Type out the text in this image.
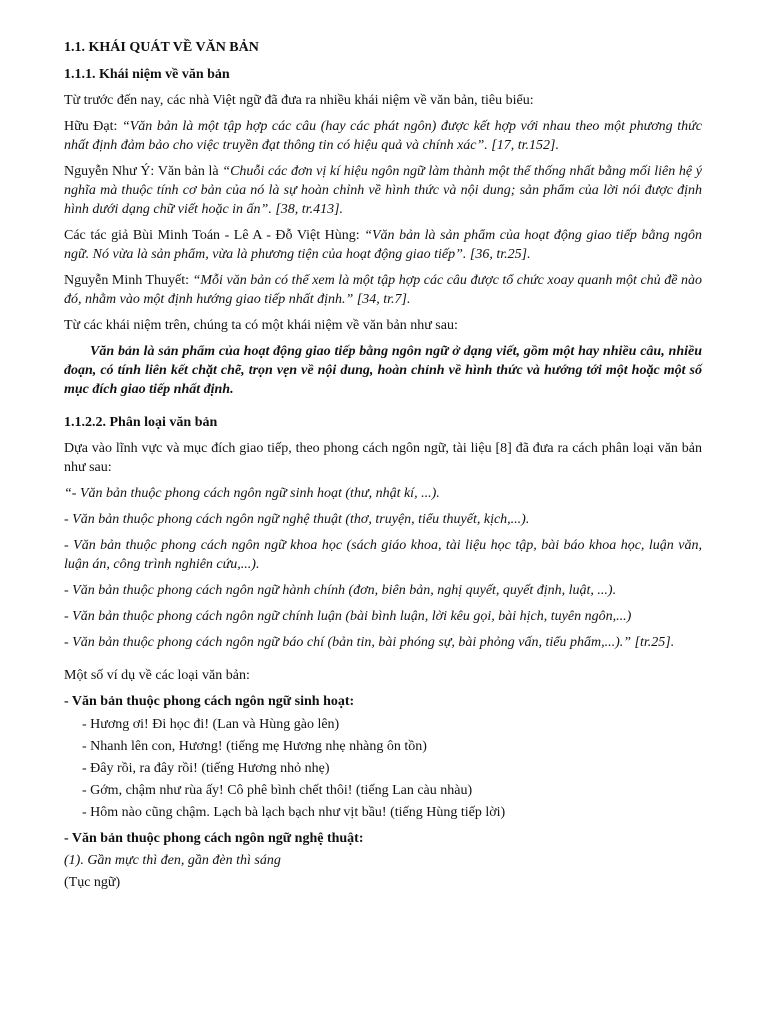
1.1. KHÁI QUÁT VỀ VĂN BẢN
1.1.1. Khái niệm về văn bản

Từ trước đến nay, các nhà Việt ngữ đã đưa ra nhiều khái niệm về văn bản, tiêu biểu:

Hữu Đạt: “Văn bản là một tập hợp các câu (hay các phát ngôn) được kết hợp với nhau theo một phương thức nhất định đảm bảo cho việc truyền đạt thông tin có hiệu quả và chính xác”. [17, tr.152].

Nguyễn Như Ý: Văn bản là “Chuỗi các đơn vị kí hiệu ngôn ngữ làm thành một thể thống nhất bằng mối liên hệ ý nghĩa mà thuộc tính cơ bản của nó là sự hoàn chỉnh về hình thức và nội dung; sản phẩm của lời nói được định hình dưới dạng chữ viết hoặc in ấn”. [38, tr.413].

Các tác giả Bùi Minh Toán - Lê A - Đỗ Việt Hùng: “Văn bản là sản phẩm của hoạt động giao tiếp bằng ngôn ngữ. Nó vừa là sản phẩm, vừa là phương tiện của hoạt động giao tiếp”. [36, tr.25].

Nguyễn Minh Thuyết: “Mỗi văn bản có thể xem là một tập hợp các câu được tổ chức xoay quanh một chủ đề nào đó, nhằm vào một định hướng giao tiếp nhất định.” [34, tr.7].

Từ các khái niệm trên, chúng ta có một khái niệm về văn bản như sau:

Văn bản là sản phẩm của hoạt động giao tiếp bằng ngôn ngữ ở dạng viết, gồm một hay nhiều câu, nhiều đoạn, có tính liên kết chặt chẽ, trọn vẹn về nội dung, hoàn chỉnh về hình thức và hướng tới một hoặc một số mục đích giao tiếp nhất định.

1.1.2.2. Phân loại văn bản

Dựa vào lĩnh vực và mục đích giao tiếp, theo phong cách ngôn ngữ, tài liệu [8] đã đưa ra cách phân loại văn bản như sau:

“- Văn bản thuộc phong cách ngôn ngữ sinh hoạt (thư, nhật kí, ...).

- Văn bản thuộc phong cách ngôn ngữ nghệ thuật (thơ, truyện, tiểu thuyết, kịch,...).

- Văn bản thuộc phong cách ngôn ngữ khoa học (sách giáo khoa, tài liệu học tập, bài báo khoa học, luận văn, luận án, công trình nghiên cứu,...).

- Văn bản thuộc phong cách ngôn ngữ hành chính (đơn, biên bản, nghị quyết, quyết định, luật, ...).

- Văn bản thuộc phong cách ngôn ngữ chính luận (bài bình luận, lời kêu gọi, bài hịch, tuyên ngôn,...)

- Văn bản thuộc phong cách ngôn ngữ báo chí (bản tin, bài phóng sự, bài phỏng vấn, tiểu phẩm,...).” [tr.25].

Một số ví dụ về các loại văn bản:

- Văn bản thuộc phong cách ngôn ngữ sinh hoạt:
- Hương ơi! Đi học đi! (Lan và Hùng gào lên)
- Nhanh lên con, Hương! (tiếng mẹ Hương nhẹ nhàng ôn tồn)
- Đây rồi, ra đây rồi! (tiếng Hương nhỏ nhẹ)
- Gớm, chậm như rùa ấy! Cô phê bình chết thôi! (tiếng Lan càu nhàu)
- Hôm nào cũng chậm. Lạch bà lạch bạch như vịt bầu! (tiếng Hùng tiếp lời)
- Văn bản thuộc phong cách ngôn ngữ nghệ thuật:
(1). Gần mực thì đen, gần đèn thì sáng
(Tục ngữ)
